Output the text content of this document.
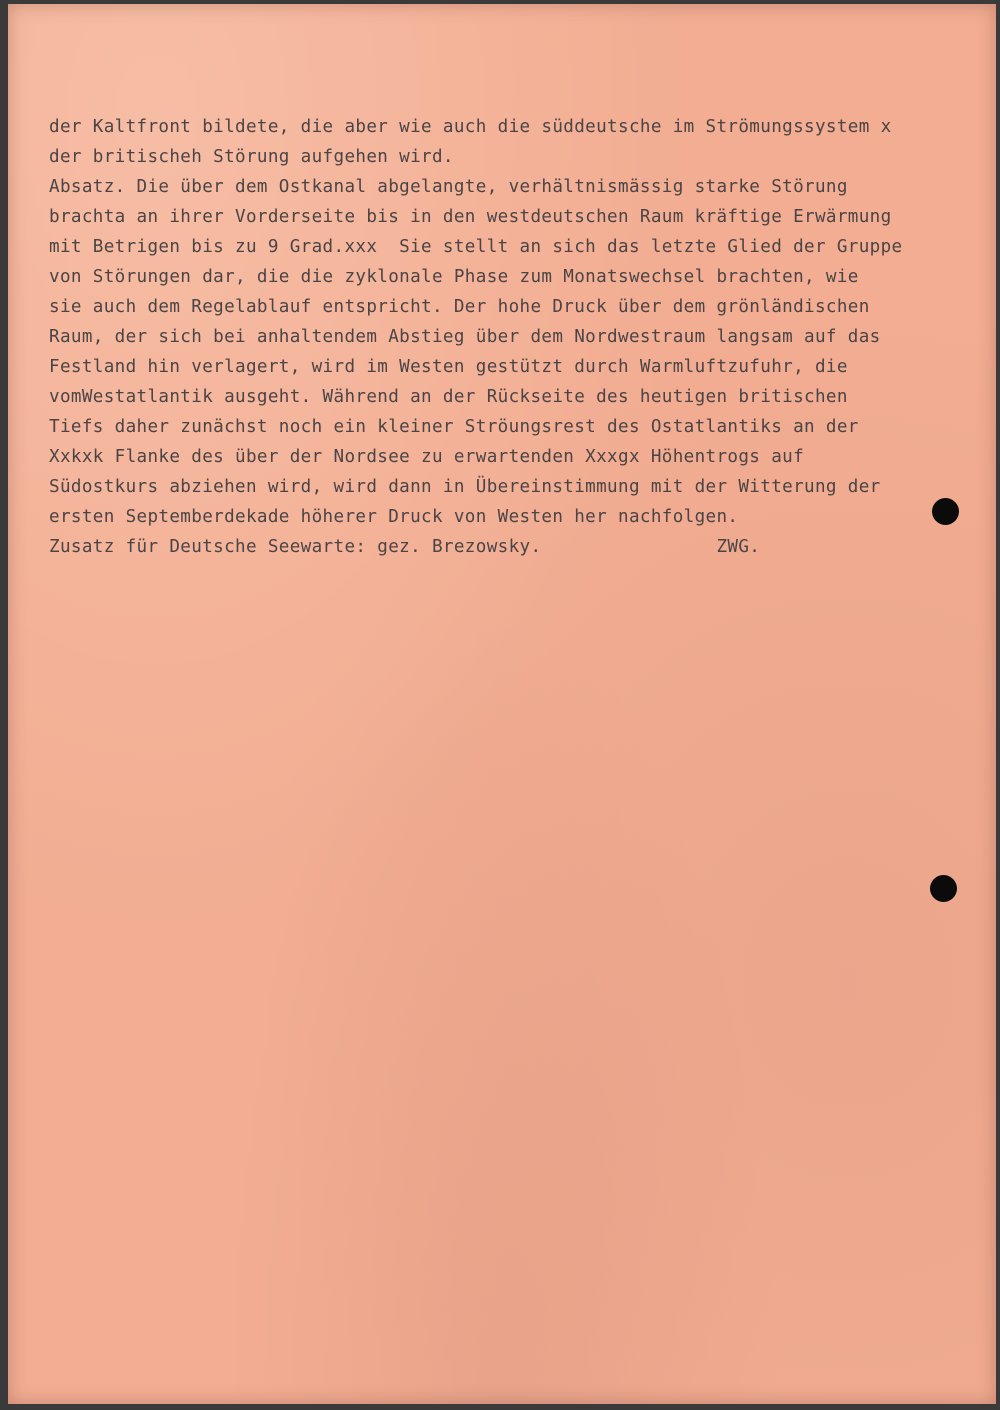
der Kaltfront bildete, die aber wie auch die süddeutsche im Strömungssystem x
der britischeh Störung aufgehen wird.
Absatz. Die über dem Ostkanal abgelangte, verhältnismässig starke Störung
brachta an ihrer Vorderseite bis in den westdeutschen Raum kräftige Erwärmung
mit Betrigen bis zu 9 Grad.xxx  Sie stellt an sich das letzte Glied der Gruppe
von Störungen dar, die die zyklonale Phase zum Monatswechsel brachten, wie
sie auch dem Regelablauf entspricht. Der hohe Druck über dem grönländischen
Raum, der sich bei anhaltendem Abstieg über dem Nordwestraum langsam auf das
Festland hin verlagert, wird im Westen gestützt durch Warmluftzufuhr, die
vomWestatlantik ausgeht. Während an der Rückseite des heutigen britischen
Tiefs daher zunächst noch ein kleiner Ströungsrest des Ostatlantiks an der
Xxkxk Flanke des über der Nordsee zu erwartenden Xxxgx Höhentrogs auf
Südostkurs abziehen wird, wird dann in Übereinstimmung mit der Witterung der
ersten Septemberdekade höherer Druck von Westen her nachfolgen.
Zusatz für Deutsche Seewarte: gez. Brezowsky.                ZWG.
